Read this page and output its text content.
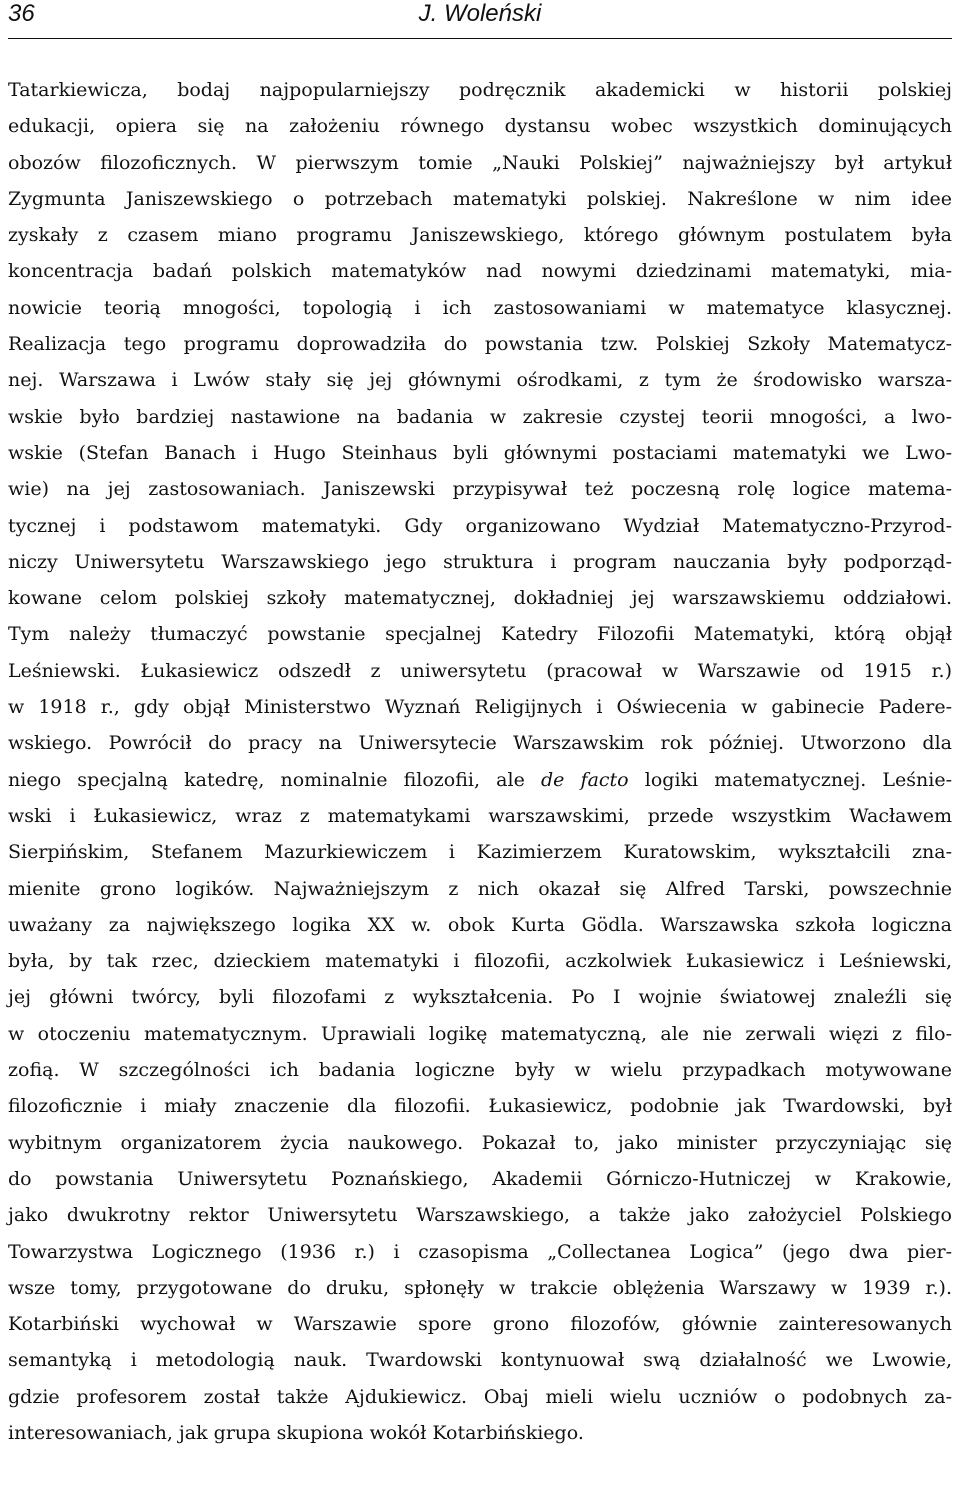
36	J. Woleński
Tatarkiewicza, bodaj najpopularniejszy podręcznik akademicki w historii polskiej
edukacji, opiera się na założeniu równego dystansu wobec wszystkich dominujących
obozów filozoficznych. W pierwszym tomie „Nauki Polskiej” najważniejszy był artykuł
Zygmunta Janiszewskiego o potrzebach matematyki polskiej. Nakreślone w nim idee
zyskały z czasem miano programu Janiszewskiego, którego głównym postulatem była
koncentracja badań polskich matematyków nad nowymi dziedzinami matematyki, mia-
nowicie teorią mnogości, topologią i ich zastosowaniami w matematyce klasycznej.
Realizacja tego programu doprowadziła do powstania tzw. Polskiej Szkoły Matematycz-
nej. Warszawa i Lwów stały się jej głównymi ośrodkami, z tym że środowisko warsza-
wskie było bardziej nastawione na badania w zakresie czystej teorii mnogości, a lwo-
wskie (Stefan Banach i Hugo Steinhaus byli głównymi postaciami matematyki we Lwo-
wie) na jej zastosowaniach. Janiszewski przypisywał też poczesną rolę logice matema-
tycznej i podstawom matematyki. Gdy organizowano Wydział Matematyczno-Przyrod-
niczy Uniwersytetu Warszawskiego jego struktura i program nauczania były podporząd-
kowane celom polskiej szkoły matematycznej, dokładniej jej warszawskiemu oddziałowi.
Tym należy tłumaczyć powstanie specjalnej Katedry Filozofii Matematyki, którą objął
Leśniewski. Łukasiewicz odszedł z uniwersytetu (pracował w Warszawie od 1915 r.)
w 1918 r., gdy objął Ministerstwo Wyznań Religijnych i Oświecenia w gabinecie Padere-
wskiego. Powrócił do pracy na Uniwersytecie Warszawskim rok później. Utworzono dla
niego specjalną katedrę, nominalnie filozofii, ale de facto logiki matematycznej. Leśnie-
wski i Łukasiewicz, wraz z matematykami warszawskimi, przede wszystkim Wacławem
Sierpińskim, Stefanem Mazurkiewiczem i Kazimierzem Kuratowskim, wykształcili zna-
mienite grono logików. Najważniejszym z nich okazał się Alfred Tarski, powszechnie
uważany za największego logika XX w. obok Kurta Gödla. Warszawska szkoła logiczna
była, by tak rzec, dzieckiem matematyki i filozofii, aczkolwiek Łukasiewicz i Leśniewski,
jej główni twórcy, byli filozofami z wykształcenia. Po I wojnie światowej znaleźli się
w otoczeniu matematycznym. Uprawiali logikę matematyczną, ale nie zerwali więzi z filo-
zofią. W szczególności ich badania logiczne były w wielu przypadkach motywowane
filozoficznie i miały znaczenie dla filozofii. Łukasiewicz, podobnie jak Twardowski, był
wybitnym organizatorem życia naukowego. Pokazał to, jako minister przyczyniając się
do powstania Uniwersytetu Poznańskiego, Akademii Górniczo-Hutniczej w Krakowie,
jako dwukrotny rektor Uniwersytetu Warszawskiego, a także jako założyciel Polskiego
Towarzystwa Logicznego (1936 r.) i czasopisma „Collectanea Logica” (jego dwa pier-
wsze tomy, przygotowane do druku, spłonęły w trakcie oblężenia Warszawy w 1939 r.).
Kotarbiński wychował w Warszawie spore grono filozofów, głównie zainteresowanych
semantyką i metodologią nauk. Twardowski kontynuował swą działalność we Lwowie,
gdzie profesorem został także Ajdukiewicz. Obaj mieli wielu uczniów o podobnych za-
interesowaniach, jak grupa skupiona wokół Kotarbińskiego.
